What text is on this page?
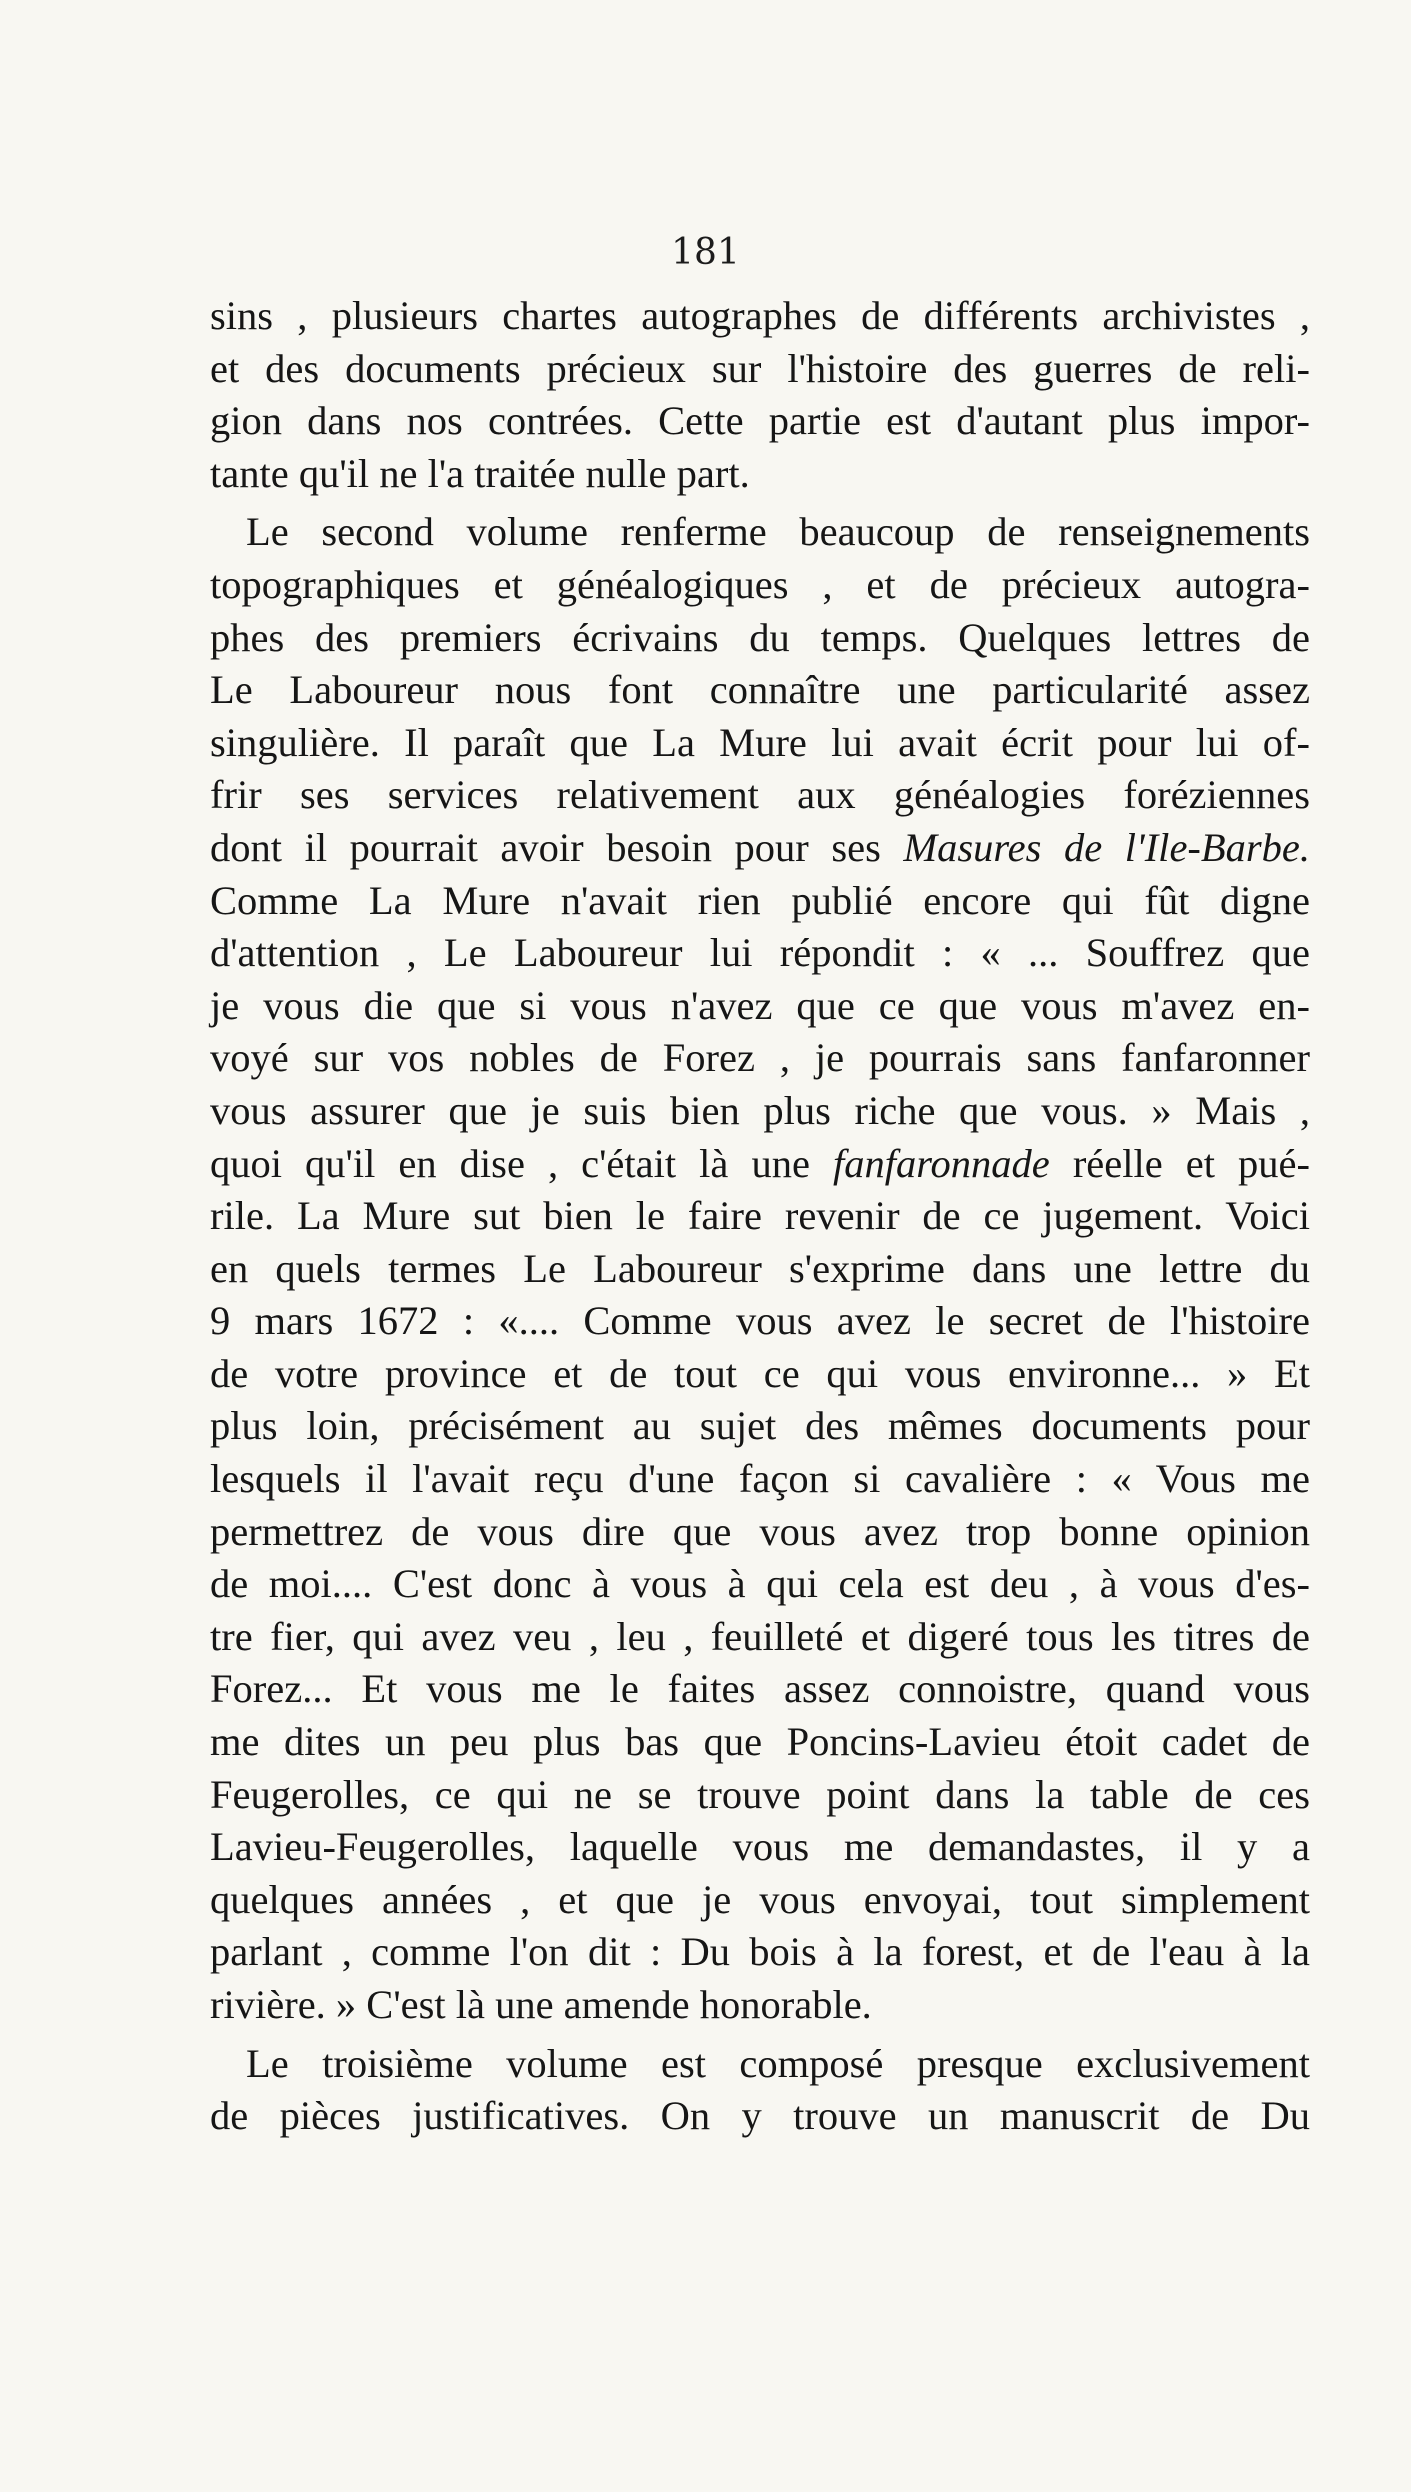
181
sins , plusieurs chartes autographes de différents archivistes ,
et des documents précieux sur l'histoire des guerres de reli-
gion dans nos contrées. Cette partie est d'autant plus impor-
tante qu'il ne l'a traitée nulle part.
Le second volume renferme beaucoup de renseignements
topographiques et généalogiques , et de précieux autogra-
phes des premiers écrivains du temps. Quelques lettres de
Le Laboureur nous font connaître une particularité assez
singulière. Il paraît que La Mure lui avait écrit pour lui of-
frir ses services relativement aux généalogies foréziennes
dont il pourrait avoir besoin pour ses Masures de l'Ile-Barbe.
Comme La Mure n'avait rien publié encore qui fût digne
d'attention , Le Laboureur lui répondit : « ... Souffrez que
je vous die que si vous n'avez que ce que vous m'avez en-
voyé sur vos nobles de Forez , je pourrais sans fanfaronner
vous assurer que je suis bien plus riche que vous. » Mais ,
quoi qu'il en dise , c'était là une fanfaronnade réelle et pué-
rile. La Mure sut bien le faire revenir de ce jugement. Voici
en quels termes Le Laboureur s'exprime dans une lettre du
9 mars 1672 : «.... Comme vous avez le secret de l'histoire
de votre province et de tout ce qui vous environne... » Et
plus loin, précisément au sujet des mêmes documents pour
lesquels il l'avait reçu d'une façon si cavalière : « Vous me
permettrez de vous dire que vous avez trop bonne opinion
de moi.... C'est donc à vous à qui cela est deu , à vous d'es-
tre fier, qui avez veu , leu , feuilleté et digeré tous les titres de
Forez... Et vous me le faites assez connoistre, quand vous
me dites un peu plus bas que Poncins-Lavieu étoit cadet de
Feugerolles, ce qui ne se trouve point dans la table de ces
Lavieu-Feugerolles, laquelle vous me demandastes, il y a
quelques années , et que je vous envoyai, tout simplement
parlant , comme l'on dit : Du bois à la forest, et de l'eau à la
rivière. » C'est là une amende honorable.
Le troisième volume est composé presque exclusivement
de pièces justificatives. On y trouve un manuscrit de Du
